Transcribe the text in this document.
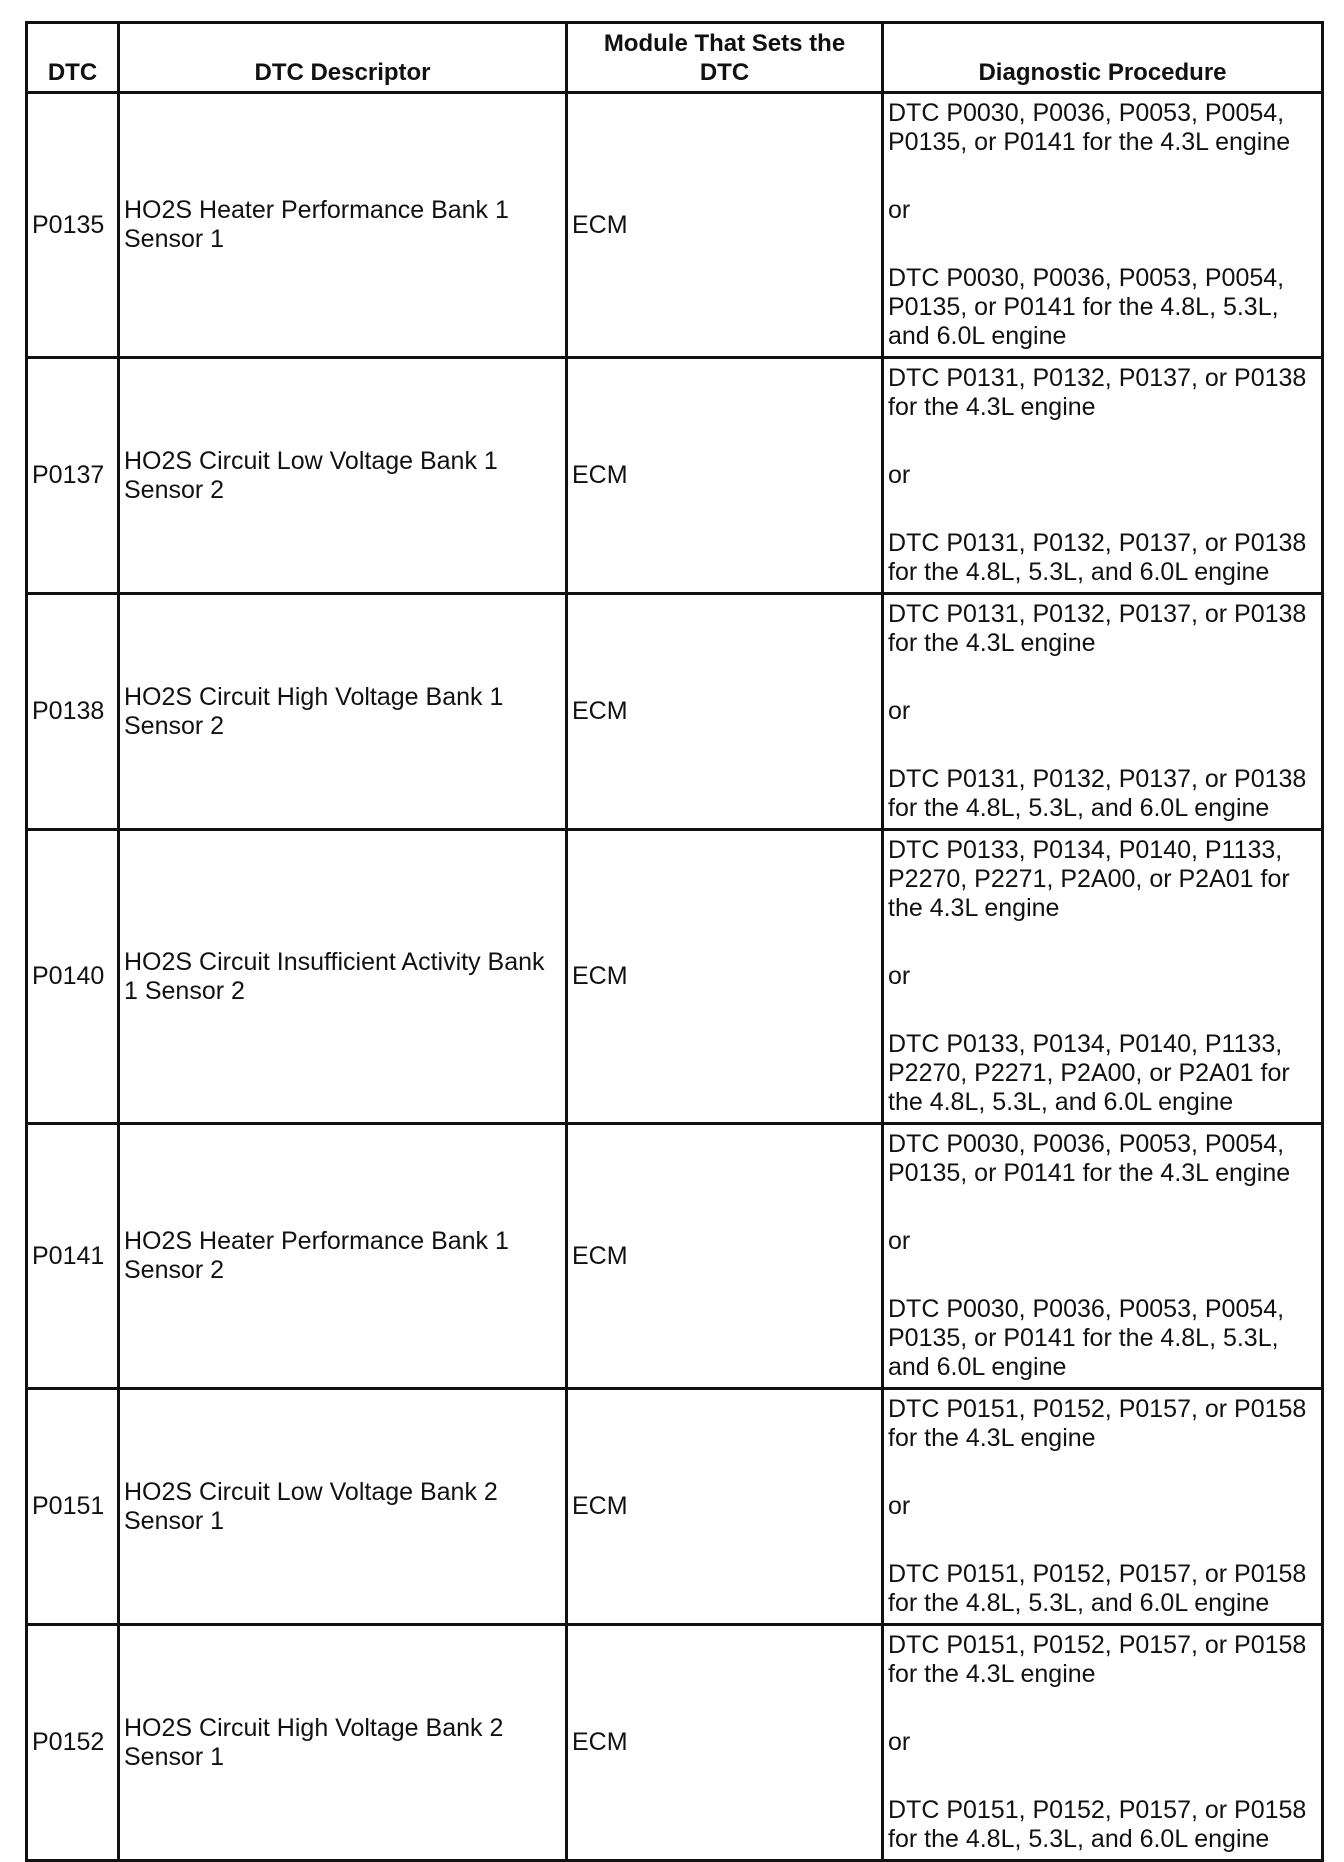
DTC	DTC Descriptor	Module That Sets the DTC	Diagnostic Procedure
P0135	HO2S Heater Performance Bank 1 Sensor 1	ECM	DTC P0030, P0036, P0053, P0054, P0135, or P0141 for the 4.3L engine
or
DTC P0030, P0036, P0053, P0054, P0135, or P0141 for the 4.8L, 5.3L, and 6.0L engine

P0137	HO2S Circuit Low Voltage Bank 1 Sensor 2	ECM	DTC P0131, P0132, P0137, or P0138 for the 4.3L engine
or
DTC P0131, P0132, P0137, or P0138 for the 4.8L, 5.3L, and 6.0L engine

P0138	HO2S Circuit High Voltage Bank 1 Sensor 2	ECM	DTC P0131, P0132, P0137, or P0138 for the 4.3L engine
or
DTC P0131, P0132, P0137, or P0138 for the 4.8L, 5.3L, and 6.0L engine

P0140	HO2S Circuit Insufficient Activity Bank 1 Sensor 2	ECM	DTC P0133, P0134, P0140, P1133, P2270, P2271, P2A00, or P2A01 for the 4.3L engine
or
DTC P0133, P0134, P0140, P1133, P2270, P2271, P2A00, or P2A01 for the 4.8L, 5.3L, and 6.0L engine

P0141	HO2S Heater Performance Bank 1 Sensor 2	ECM	DTC P0030, P0036, P0053, P0054, P0135, or P0141 for the 4.3L engine
or
DTC P0030, P0036, P0053, P0054, P0135, or P0141 for the 4.8L, 5.3L, and 6.0L engine

P0151	HO2S Circuit Low Voltage Bank 2 Sensor 1	ECM	DTC P0151, P0152, P0157, or P0158 for the 4.3L engine
or
DTC P0151, P0152, P0157, or P0158 for the 4.8L, 5.3L, and 6.0L engine

P0152	HO2S Circuit High Voltage Bank 2 Sensor 1	ECM	DTC P0151, P0152, P0157, or P0158 for the 4.3L engine
or
DTC P0151, P0152, P0157, or P0158 for the 4.8L, 5.3L, and 6.0L engine
